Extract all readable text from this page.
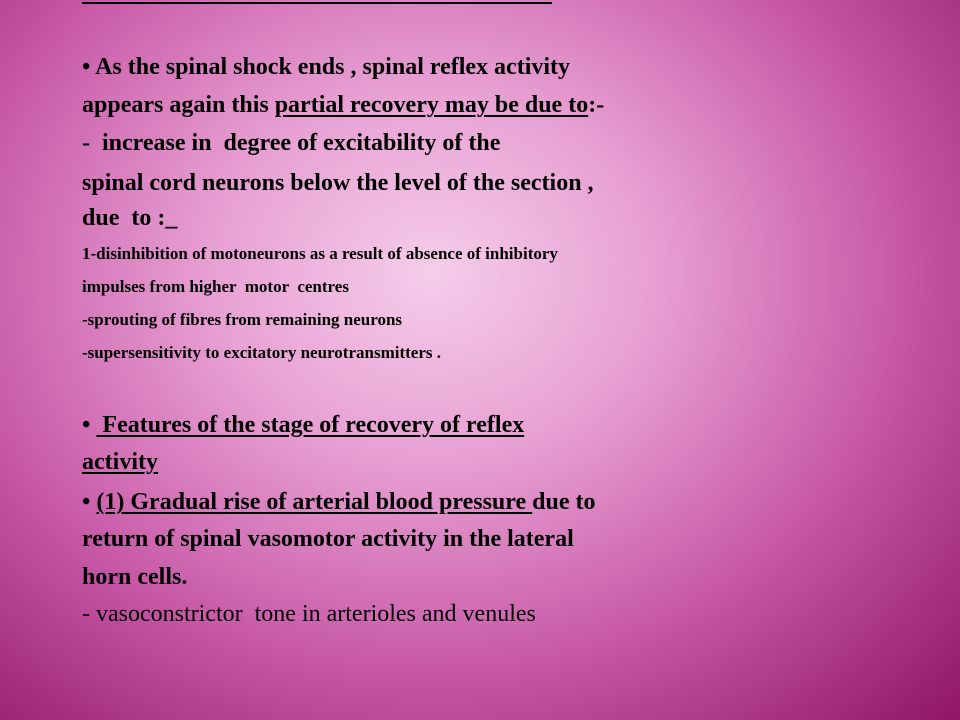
• As the spinal shock ends , spinal reflex activity
appears again this partial recovery may be due to:-
-  increase in  degree of excitability of the
spinal cord neurons below the level of the section ,
due  to :_
1-disinhibition of motoneurons as a result of absence of inhibitory
impulses from higher  motor  centres
-sprouting of fibres from remaining neurons
-supersensitivity to excitatory neurotransmitters .
•  Features of the stage of recovery of reflex
activity
• (1) Gradual rise of arterial blood pressure due to
return of spinal vasomotor activity in the lateral
horn cells.
- vasoconstrictor  tone in arterioles and venules
